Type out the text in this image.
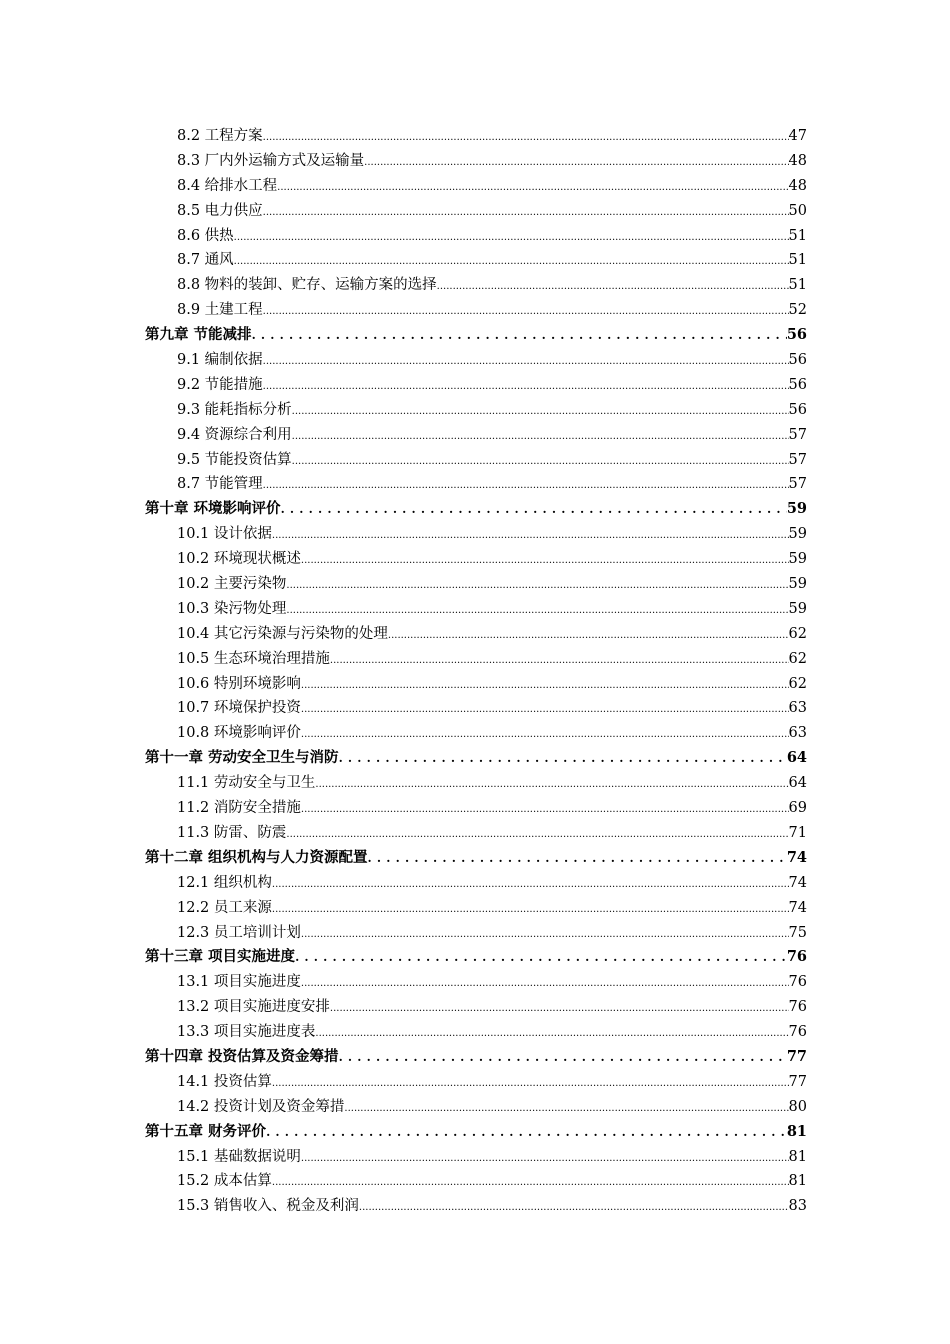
8.2 工程方案 .....	47
8.3 厂内外运输方式及运输量 .....	48
8.4 给排水工程 .....	48
8.5 电力供应 .....	50
8.6 供热 .....	51
8.7 通风 .....	51
8.8 物料的装卸、贮存、运输方案的选择 .....	51
8.9 土建工程 .....	52
第九章 节能减排 . . .	56
9.1 编制依据 .....	56
9.2 节能措施 .....	56
9.3 能耗指标分析 .....	56
9.4 资源综合利用 .....	57
9.5 节能投资估算 .....	57
8.7 节能管理 .....	57
第十章 环境影响评价 . . .	59
10.1 设计依据 .....	59
10.2 环境现状概述 .....	59
10.2 主要污染物 .....	59
10.3 染污物处理 .....	59
10.4 其它污染源与污染物的处理 .....	62
10.5 生态环境治理措施 .....	62
10.6 特别环境影响 .....	62
10.7 环境保护投资 .....	63
10.8 环境影响评价 .....	63
第十一章 劳动安全卫生与消防 . . .	64
11.1 劳动安全与卫生 .....	64
11.2 消防安全措施 .....	69
11.3 防雷、防震 .....	71
第十二章 组织机构与人力资源配置 . . .	74
12.1 组织机构 .....	74
12.2 员工来源 .....	74
12.3 员工培训计划 .....	75
第十三章 项目实施进度 . . .	76
13.1 项目实施进度 .....	76
13.2 项目实施进度安排 .....	76
13.3 项目实施进度表 .....	76
第十四章 投资估算及资金筹措 . . .	77
14.1 投资估算 .....	77
14.2 投资计划及资金筹措 .....	80
第十五章 财务评价 . . .	81
15.1 基础数据说明 .....	81
15.2 成本估算 .....	81
15.3 销售收入、税金及利润 .....	83
